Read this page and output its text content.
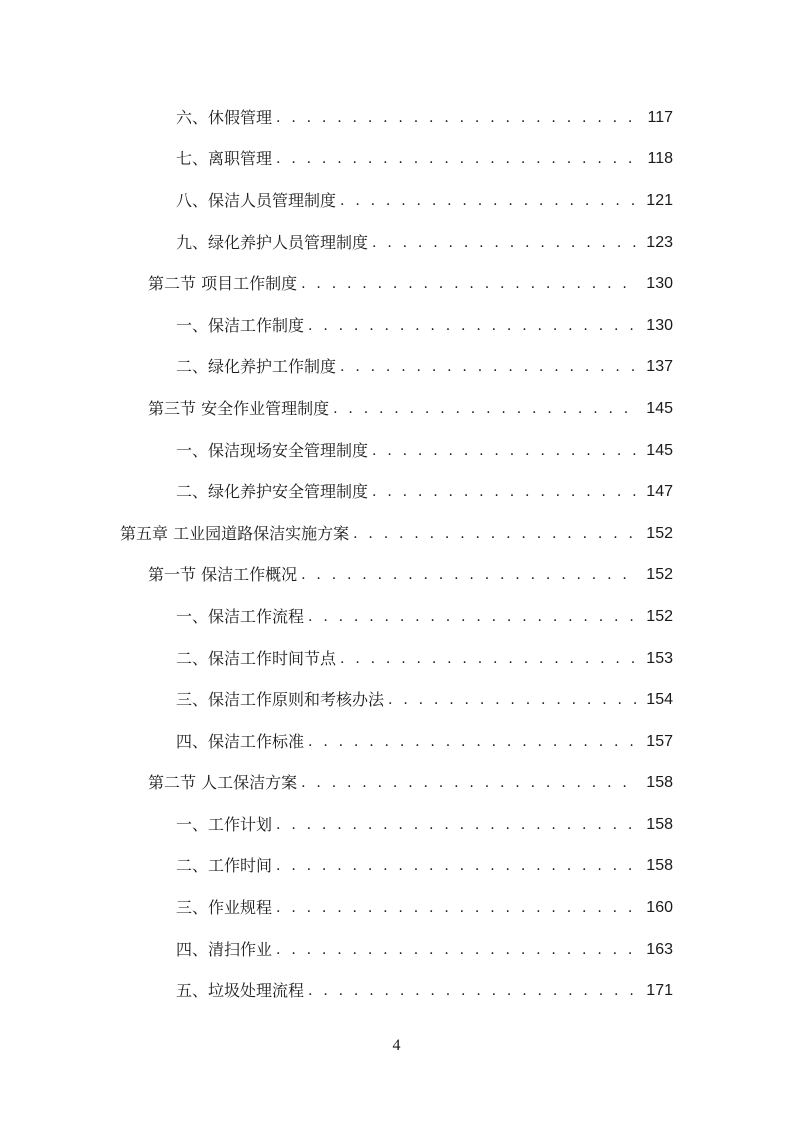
六、休假管理 . . .	117
七、离职管理 . . .	118
八、保洁人员管理制度 . . .	121
九、绿化养护人员管理制度 . . .	123
第二节 项目工作制度 . . .	130
一、保洁工作制度 . . .	130
二、绿化养护工作制度 . . .	137
第三节 安全作业管理制度 . . .	145
一、保洁现场安全管理制度 . . .	145
二、绿化养护安全管理制度 . . .	147
第五章 工业园道路保洁实施方案 . . .	152
第一节 保洁工作概况 . . .	152
一、保洁工作流程 . . .	152
二、保洁工作时间节点 . . .	153
三、保洁工作原则和考核办法 . . .	154
四、保洁工作标准 . . .	157
第二节 人工保洁方案 . . .	158
一、工作计划 . . .	158
二、工作时间 . . .	158
三、作业规程 . . .	160
四、清扫作业 . . .	163
五、垃圾处理流程 . . .	171
4
